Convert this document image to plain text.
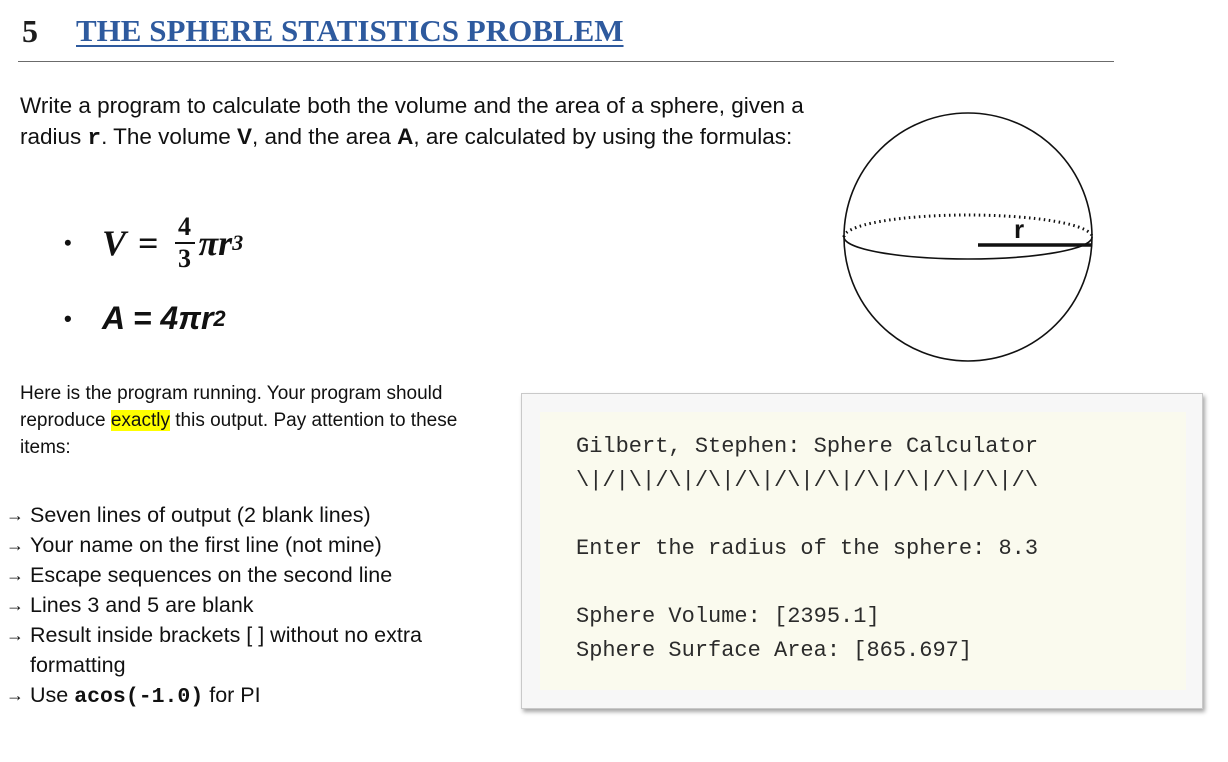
5	THE SPHERE STATISTICS PROBLEM
Write a program to calculate both the volume and the area of a sphere, given a radius r. The volume V, and the area A, are calculated by using the formulas:
• $V = \frac{4}{3}$ πr 3
• A = 4πr 2
Here is the program running. Your program should reproduce exactly this output. Pay attention to these items:
→ Seven lines of output (2 blank lines)
→ Your name on the first line (not mine)
→ Escape sequences on the second line
→ Lines 3 and 5 are blank
→ Result inside brackets [ ] without no extra formatting
→ Use acos(-1.0) for PI
Gilbert, Stephen: Sphere Calculator
\|/|\|/\|/\|/\|/\|/\|/\|/\|/\|/\|/\
Enter the radius of the sphere: 8.3
Sphere Volume: [2395.1]
Sphere Surface Area: [865.697]
r
